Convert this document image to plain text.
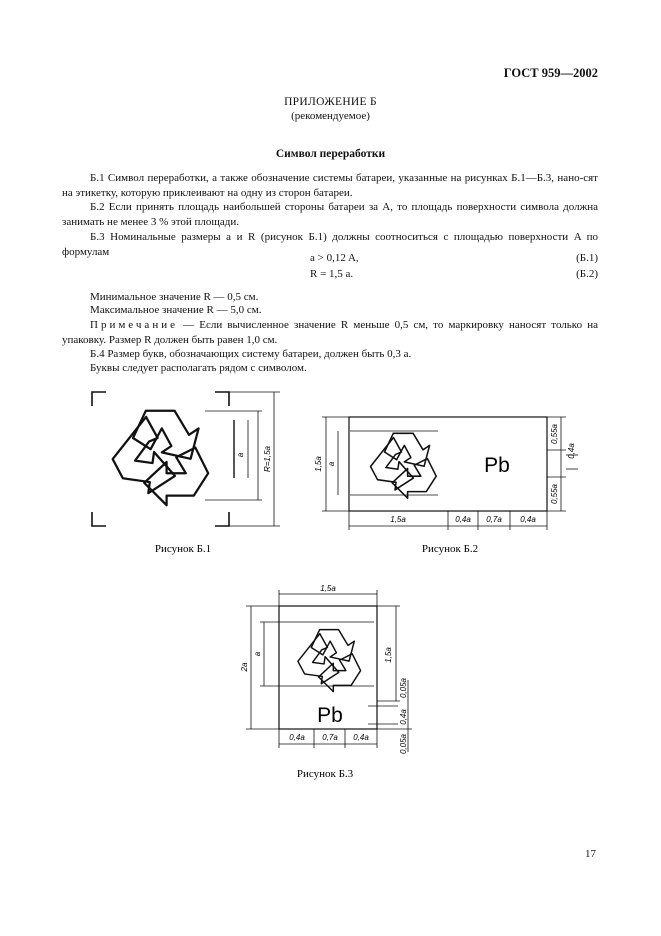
ГОСТ 959—2002
ПРИЛОЖЕНИЕ Б
(рекомендуемое)
Символ переработки

Б.1 Символ переработки, а также обозначение системы батареи, указанные на рисунках Б.1—Б.3, нано-сят на этикетку, которую приклеивают на одну из сторон батареи.

Б.2 Если принять площадь наибольшей стороны батареи за A, то площадь поверхности символа должна занимать не менее 3 % этой площади.

Б.3 Номинальные размеры a и R (рисунок Б.1) должны соотноситься с площадью поверхности A по формулам

a > 0,12 A,	(Б.1)
R = 1,5 a.	(Б.2)

Минимальное значение R — 0,5 см.

Максимальное значение R — 5,0 см.

Примечание — Если вычисленное значение R меньше 0,5 см, то маркировку наносят только на упаковку. Размер R должен быть равен 1,0 см.

Б.4 Размер букв, обозначающих систему батареи, должен быть 0,3 a.

Буквы следует располагать рядом с символом.

a R=1,5a
Рисунок Б.1
Pb
1,5a a
1,5a	0,4a 0,7a 0,4a
0,55a
0,55a
0,4a
Рисунок Б.2
Pb
1,5a
2a
a	1,5a
0,05a
0,4a
0,05a
0,4a 0,7a 0,4a
Рисунок Б.3
17
